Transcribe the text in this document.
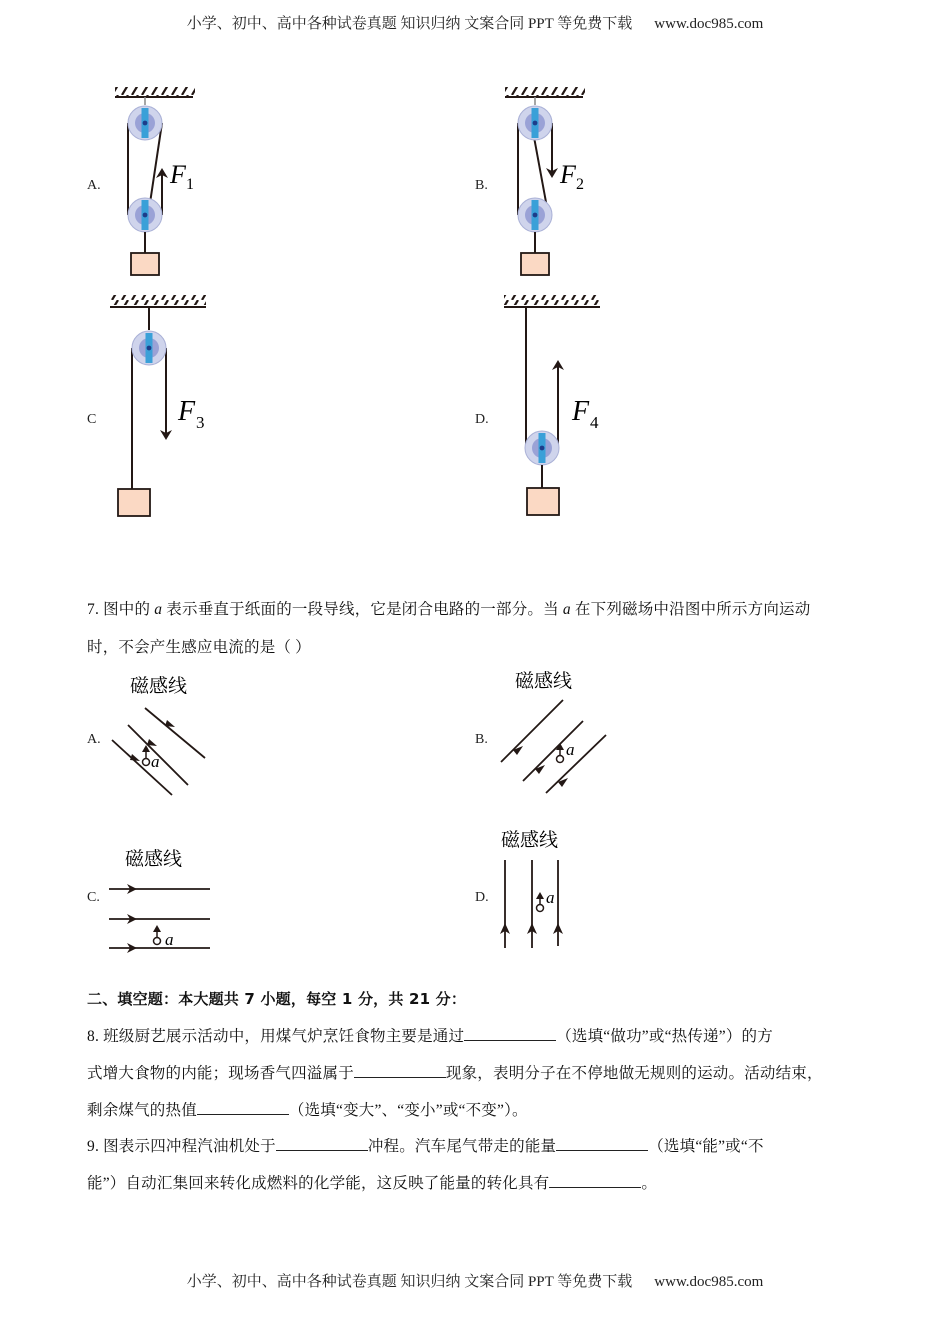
小学、初中、高中各种试卷真题 知识归纳 文案合同 PPT 等免费下载 www.doc985.com
A.	F 1	B.	F 2
C	F 3	D.	F 4
7. 图中的 a 表示垂直于纸面的一段导线，它是闭合电路的一部分。当 a 在下列磁场中沿图中所示方向运动
时，不会产生感应电流的是（ ）
A.
磁感线
a
B.
磁感线
a
C.
磁感线
a
D.
磁感线
a
二、填空题：本大题共 7 小题，每空 1 分，共 21 分：
8. 班级厨艺展示活动中，用煤气炉烹饪食物主要是通过	（选填“做功”或“热传递”）的方
式增大食物的内能；现场香气四溢属于	现象，表明分子在不停地做无规则的运动。活动结束，
剩余煤气的热值	（选填“变大”、“变小”或“不变”）。
9. 图表示四冲程汽油机处于	冲程。汽车尾气带走的能量	（选填“能”或“不
能”）自动汇集回来转化成燃料的化学能，这反映了能量的转化具有	。
小学、初中、高中各种试卷真题 知识归纳 文案合同 PPT 等免费下载 www.doc985.com
